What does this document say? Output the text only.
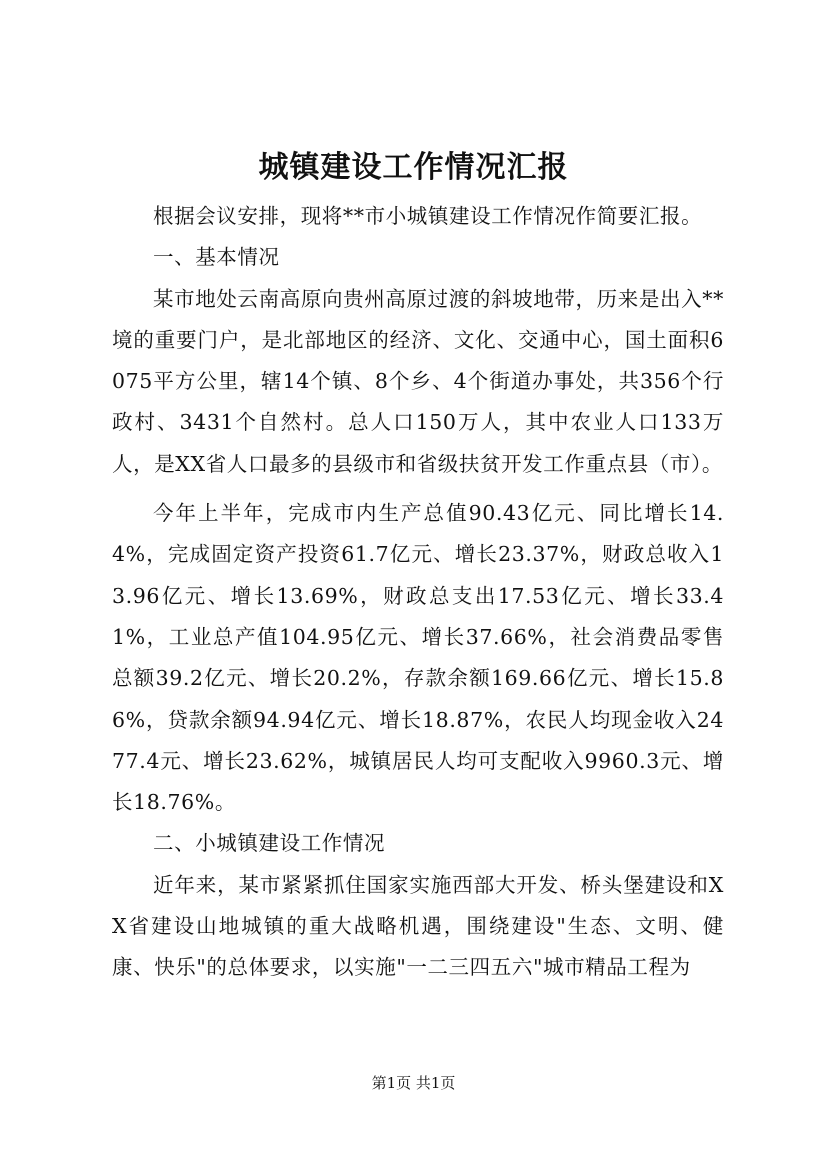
城镇建设工作情况汇报

根据会议安排，现将**市小城镇建设工作情况作简要汇报。

一、基本情况

某市地处云南高原向贵州高原过渡的斜坡地带，历来是出入**境的重要门户，是北部地区的经济、文化、交通中心，国土面积6075平方公里，辖14个镇、8个乡、4个街道办事处，共356个行政村、3431个自然村。总人口150万人，其中农业人口133万人，是XX省人口最多的县级市和省级扶贫开发工作重点县（市）。

今年上半年，完成市内生产总值90.43亿元、同比增长14.4%，完成固定资产投资61.7亿元、增长23.37%，财政总收入13.96亿元、增长13.69%，财政总支出17.53亿元、增长33.41%，工业总产值104.95亿元、增长37.66%，社会消费品零售总额39.2亿元、增长20.2%，存款余额169.66亿元、增长15.86%，贷款余额94.94亿元、增长18.87%，农民人均现金收入2477.4元、增长23.62%，城镇居民人均可支配收入9960.3元、增长18.76%。

二、小城镇建设工作情况

近年来，某市紧紧抓住国家实施西部大开发、桥头堡建设和XX省建设山地城镇的重大战略机遇，围绕建设"生态、文明、健康、快乐"的总体要求，以实施"一二三四五六"城市精品工程为

第1页 共1页
